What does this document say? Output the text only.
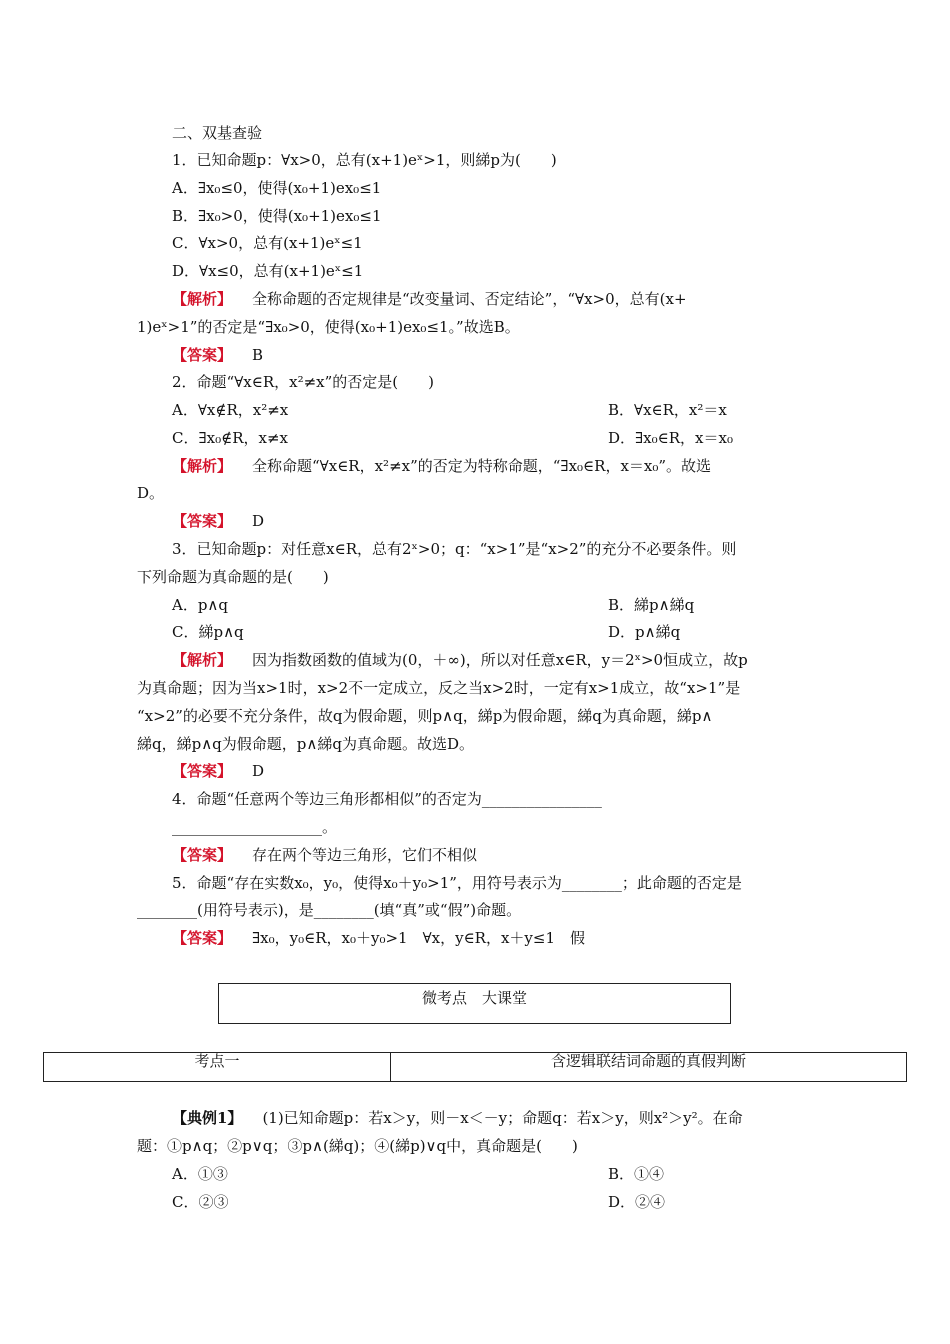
二、双基查验
1．已知命题p：∀x>0，总有(x+1)eˣ>1，则綈p为(　　)
A．∃x₀≤0，使得(x₀+1)ex₀≤1
B．∃x₀>0，使得(x₀+1)ex₀≤1
C．∀x>0，总有(x+1)eˣ≤1
D．∀x≤0，总有(x+1)eˣ≤1
【解析】 全称命题的否定规律是“改变量词、否定结论”，“∀x>0，总有(x+
1)eˣ>1”的否定是“∃x₀>0，使得(x₀+1)ex₀≤1。”故选B。
【答案】 B
2．命题“∀x∈R，x²≠x”的否定是(　　)
A．∀x∉R，x²≠x	B．∀x∈R，x²＝x
C．∃x₀∉R，x≠x	D．∃x₀∈R，x＝x₀
【解析】 全称命题“∀x∈R，x²≠x”的否定为特称命题，“∃x₀∈R，x＝x₀”。故选
D。
【答案】 D
3．已知命题p：对任意x∈R，总有2ˣ>0；q：“x>1”是“x>2”的充分不必要条件。则
下列命题为真命题的是(　　)
A．p∧q	B．綈p∧綈q
C．綈p∧q	D．p∧綈q
【解析】 因为指数函数的值域为(0，＋∞)，所以对任意x∈R，y＝2ˣ>0恒成立，故p
为真命题；因为当x>1时，x>2不一定成立，反之当x>2时，一定有x>1成立，故“x>1”是
“x>2”的必要不充分条件，故q为假命题，则p∧q，綈p为假命题，綈q为真命题，綈p∧
綈q，綈p∧q为假命题，p∧綈q为真命题。故选D。
【答案】 D
4．命题“任意两个等边三角形都相似”的否定为________________
____________________。
【答案】 存在两个等边三角形，它们不相似
5．命题“存在实数x₀，y₀，使得x₀＋y₀>1”，用符号表示为________；此命题的否定是
________(用符号表示)，是________(填“真”或“假”)命题。
【答案】 ∃x₀，y₀∈R，x₀＋y₀>1　∀x，y∈R，x＋y≤1　假
微考点　大课堂
考点一	含逻辑联结词命题的真假判断
【典例1】 (1)已知命题p：若x＞y，则－x＜－y；命题q：若x＞y，则x²＞y²。在命
题：①p∧q；②p∨q；③p∧(綈q)；④(綈p)∨q中，真命题是(　　)
A．①③	B．①④
C．②③	D．②④
